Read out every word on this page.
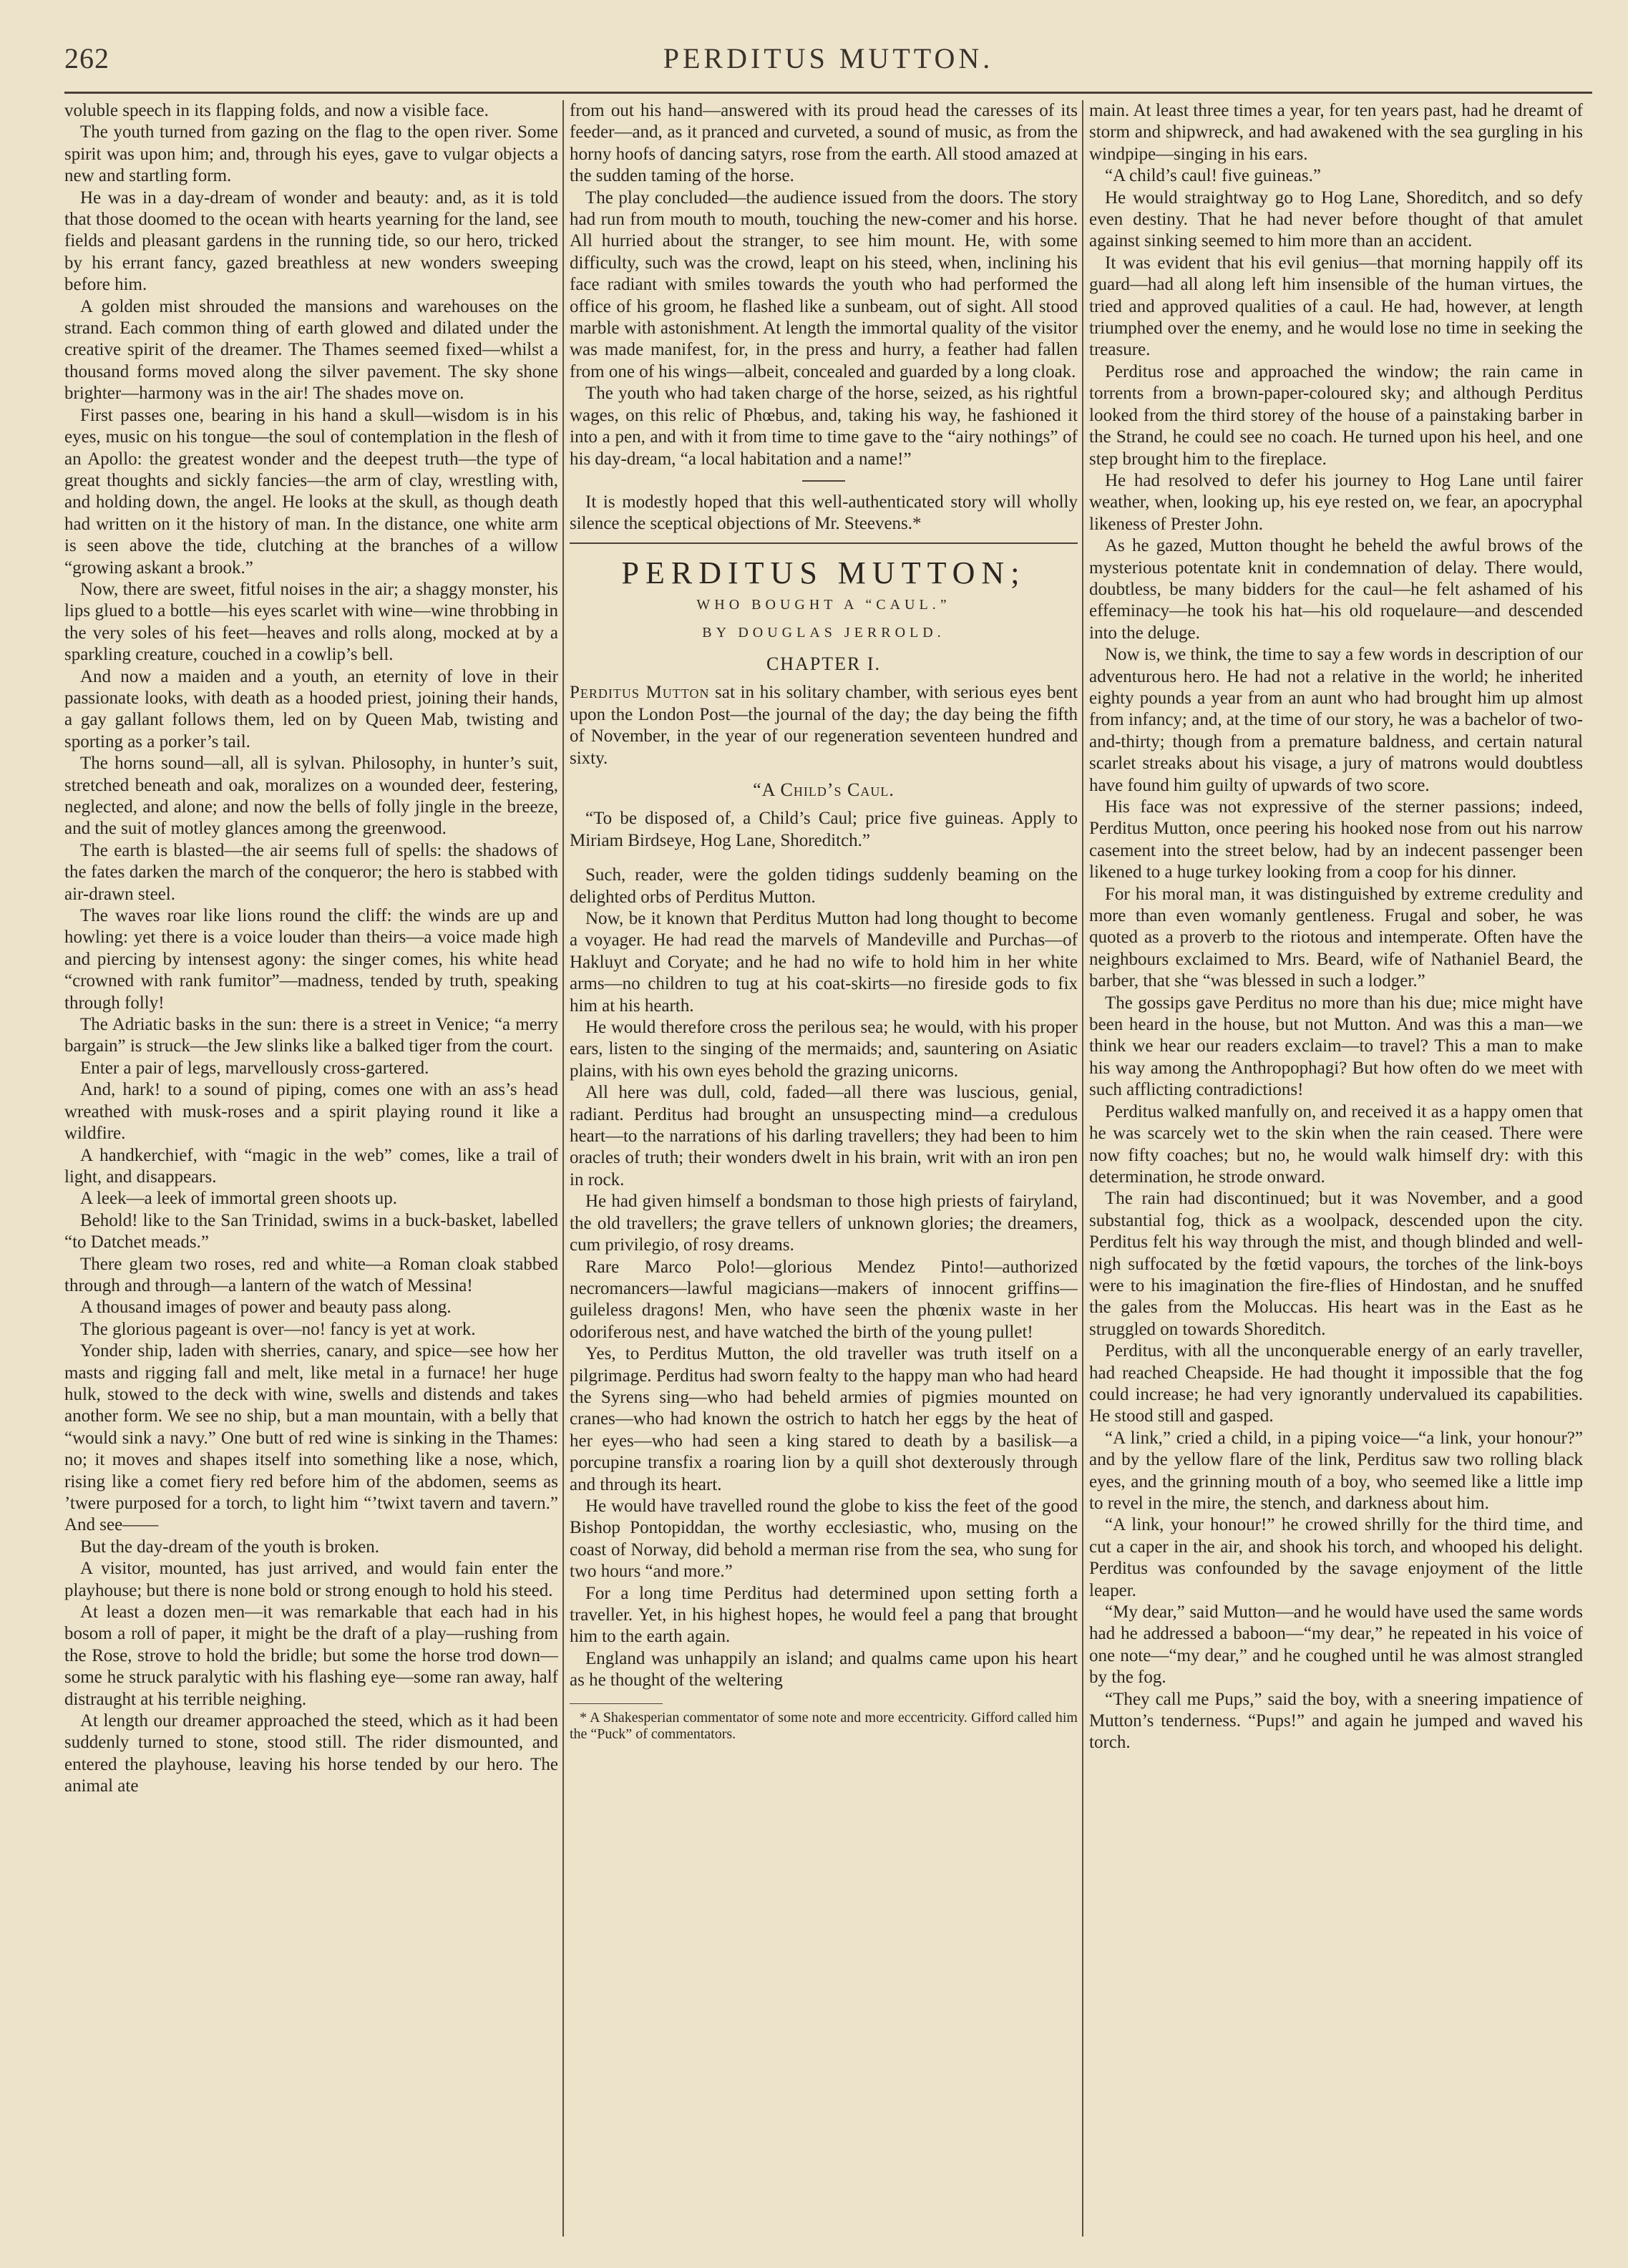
262	PERDITUS MUTTON.

voluble speech in its flapping folds, and now a visible face.

The youth turned from gazing on the flag to the open river. Some spirit was upon him; and, through his eyes, gave to vulgar objects a new and startling form.

He was in a day-dream of wonder and beauty: and, as it is told that those doomed to the ocean with hearts yearning for the land, see fields and pleasant gardens in the running tide, so our hero, tricked by his errant fancy, gazed breathless at new wonders sweeping before him.

A golden mist shrouded the mansions and warehouses on the strand. Each common thing of earth glowed and dilated under the creative spirit of the dreamer. The Thames seemed fixed—whilst a thousand forms moved along the silver pavement. The sky shone brighter—harmony was in the air! The shades move on.

First passes one, bearing in his hand a skull—wisdom is in his eyes, music on his tongue—the soul of contemplation in the flesh of an Apollo: the greatest wonder and the deepest truth—the type of great thoughts and sickly fancies—the arm of clay, wrestling with, and holding down, the angel. He looks at the skull, as though death had written on it the history of man. In the distance, one white arm is seen above the tide, clutching at the branches of a willow “growing askant a brook.”

Now, there are sweet, fitful noises in the air; a shaggy monster, his lips glued to a bottle—his eyes scarlet with wine—wine throbbing in the very soles of his feet—heaves and rolls along, mocked at by a sparkling creature, couched in a cowlip’s bell.

And now a maiden and a youth, an eternity of love in their passionate looks, with death as a hooded priest, joining their hands, a gay gallant follows them, led on by Queen Mab, twisting and sporting as a porker’s tail.

The horns sound—all, all is sylvan. Philosophy, in hunter’s suit, stretched beneath and oak, moralizes on a wounded deer, festering, neglected, and alone; and now the bells of folly jingle in the breeze, and the suit of motley glances among the greenwood.

The earth is blasted—the air seems full of spells: the shadows of the fates darken the march of the conqueror; the hero is stabbed with air-drawn steel.

The waves roar like lions round the cliff: the winds are up and howling: yet there is a voice louder than theirs—a voice made high and piercing by intensest agony: the singer comes, his white head “crowned with rank fumitor”—madness, tended by truth, speaking through folly!

The Adriatic basks in the sun: there is a street in Venice; “a merry bargain” is struck—the Jew slinks like a balked tiger from the court.

Enter a pair of legs, marvellously cross-gartered.

And, hark! to a sound of piping, comes one with an ass’s head wreathed with musk-roses and a spirit playing round it like a wildfire.

A handkerchief, with “magic in the web” comes, like a trail of light, and disappears.

A leek—a leek of immortal green shoots up.

Behold! like to the San Trinidad, swims in a buck-basket, labelled “to Datchet meads.”

There gleam two roses, red and white—a Roman cloak stabbed through and through—a lantern of the watch of Messina!

A thousand images of power and beauty pass along.

The glorious pageant is over—no! fancy is yet at work.

Yonder ship, laden with sherries, canary, and spice—see how her masts and rigging fall and melt, like metal in a furnace! her huge hulk, stowed to the deck with wine, swells and distends and takes another form. We see no ship, but a man mountain, with a belly that “would sink a navy.” One butt of red wine is sinking in the Thames: no; it moves and shapes itself into something like a nose, which, rising like a comet fiery red before him of the abdomen, seems as ’twere purposed for a torch, to light him “’twixt tavern and tavern.” And see——

But the day-dream of the youth is broken.

A visitor, mounted, has just arrived, and would fain enter the playhouse; but there is none bold or strong enough to hold his steed.

At least a dozen men—it was remarkable that each had in his bosom a roll of paper, it might be the draft of a play—rushing from the Rose, strove to hold the bridle; but some the horse trod down—some he struck paralytic with his flashing eye—some ran away, half distraught at his terrible neighing.

At length our dreamer approached the steed, which as it had been suddenly turned to stone, stood still. The rider dismounted, and entered the playhouse, leaving his horse tended by our hero. The animal ate

from out his hand—answered with its proud head the caresses of its feeder—and, as it pranced and curveted, a sound of music, as from the horny hoofs of dancing satyrs, rose from the earth. All stood amazed at the sudden taming of the horse.

The play concluded—the audience issued from the doors. The story had run from mouth to mouth, touching the new-comer and his horse. All hurried about the stranger, to see him mount. He, with some difficulty, such was the crowd, leapt on his steed, when, inclining his face radiant with smiles towards the youth who had performed the office of his groom, he flashed like a sunbeam, out of sight. All stood marble with astonishment. At length the immortal quality of the visitor was made manifest, for, in the press and hurry, a feather had fallen from one of his wings—albeit, concealed and guarded by a long cloak.

The youth who had taken charge of the horse, seized, as his rightful wages, on this relic of Phœbus, and, taking his way, he fashioned it into a pen, and with it from time to time gave to the “airy nothings” of his day-dream, “a local habitation and a name!”

It is modestly hoped that this well-authenticated story will wholly silence the sceptical objections of Mr. Steevens.*

PERDITUS MUTTON;
WHO BOUGHT A “CAUL.”
BY DOUGLAS JERROLD.
CHAPTER I.

Perditus Mutton sat in his solitary chamber, with serious eyes bent upon the London Post—the journal of the day; the day being the fifth of November, in the year of our regeneration seventeen hundred and sixty.

“A Child’s Caul.

“To be disposed of, a Child’s Caul; price five guineas. Apply to Miriam Birdseye, Hog Lane, Shoreditch.”

Such, reader, were the golden tidings suddenly beaming on the delighted orbs of Perditus Mutton.

Now, be it known that Perditus Mutton had long thought to become a voyager. He had read the marvels of Mandeville and Purchas—of Hakluyt and Coryate; and he had no wife to hold him in her white arms—no children to tug at his coat-skirts—no fireside gods to fix him at his hearth.

He would therefore cross the perilous sea; he would, with his proper ears, listen to the singing of the mermaids; and, sauntering on Asiatic plains, with his own eyes behold the grazing unicorns.

All here was dull, cold, faded—all there was luscious, genial, radiant. Perditus had brought an unsuspecting mind—a credulous heart—to the narrations of his darling travellers; they had been to him oracles of truth; their wonders dwelt in his brain, writ with an iron pen in rock.

He had given himself a bondsman to those high priests of fairyland, the old travellers; the grave tellers of unknown glories; the dreamers, cum privilegio, of rosy dreams.

Rare Marco Polo!—glorious Mendez Pinto!—authorized necromancers—lawful magicians—makers of innocent griffins—guileless dragons! Men, who have seen the phœnix waste in her odoriferous nest, and have watched the birth of the young pullet!

Yes, to Perditus Mutton, the old traveller was truth itself on a pilgrimage. Perditus had sworn fealty to the happy man who had heard the Syrens sing—who had beheld armies of pigmies mounted on cranes—who had known the ostrich to hatch her eggs by the heat of her eyes—who had seen a king stared to death by a basilisk—a porcupine transfix a roaring lion by a quill shot dexterously through and through its heart.

He would have travelled round the globe to kiss the feet of the good Bishop Pontopiddan, the worthy ecclesiastic, who, musing on the coast of Norway, did behold a merman rise from the sea, who sung for two hours “and more.”

For a long time Perditus had determined upon setting forth a traveller. Yet, in his highest hopes, he would feel a pang that brought him to the earth again.

England was unhappily an island; and qualms came upon his heart as he thought of the weltering

* A Shakesperian commentator of some note and more eccentricity. Gifford called him the “Puck” of commentators.

main. At least three times a year, for ten years past, had he dreamt of storm and shipwreck, and had awakened with the sea gurgling in his windpipe—singing in his ears.

“A child’s caul! five guineas.”

He would straightway go to Hog Lane, Shoreditch, and so defy even destiny. That he had never before thought of that amulet against sinking seemed to him more than an accident.

It was evident that his evil genius—that morning happily off its guard—had all along left him insensible of the human virtues, the tried and approved qualities of a caul. He had, however, at length triumphed over the enemy, and he would lose no time in seeking the treasure.

Perditus rose and approached the window; the rain came in torrents from a brown-paper-coloured sky; and although Perditus looked from the third storey of the house of a painstaking barber in the Strand, he could see no coach. He turned upon his heel, and one step brought him to the fireplace.

He had resolved to defer his journey to Hog Lane until fairer weather, when, looking up, his eye rested on, we fear, an apocryphal likeness of Prester John.

As he gazed, Mutton thought he beheld the awful brows of the mysterious potentate knit in condemnation of delay. There would, doubtless, be many bidders for the caul—he felt ashamed of his effeminacy—he took his hat—his old roquelaure—and descended into the deluge.

Now is, we think, the time to say a few words in description of our adventurous hero. He had not a relative in the world; he inherited eighty pounds a year from an aunt who had brought him up almost from infancy; and, at the time of our story, he was a bachelor of two-and-thirty; though from a premature baldness, and certain natural scarlet streaks about his visage, a jury of matrons would doubtless have found him guilty of upwards of two score.

His face was not expressive of the sterner passions; indeed, Perditus Mutton, once peering his hooked nose from out his narrow casement into the street below, had by an indecent passenger been likened to a huge turkey looking from a coop for his dinner.

For his moral man, it was distinguished by extreme credulity and more than even womanly gentleness. Frugal and sober, he was quoted as a proverb to the riotous and intemperate. Often have the neighbours exclaimed to Mrs. Beard, wife of Nathaniel Beard, the barber, that she “was blessed in such a lodger.”

The gossips gave Perditus no more than his due; mice might have been heard in the house, but not Mutton. And was this a man—we think we hear our readers exclaim—to travel? This a man to make his way among the Anthropophagi? But how often do we meet with such afflicting contradictions!

Perditus walked manfully on, and received it as a happy omen that he was scarcely wet to the skin when the rain ceased. There were now fifty coaches; but no, he would walk himself dry: with this determination, he strode onward.

The rain had discontinued; but it was November, and a good substantial fog, thick as a woolpack, descended upon the city. Perditus felt his way through the mist, and though blinded and well-nigh suffocated by the fœtid vapours, the torches of the link-boys were to his imagination the fire-flies of Hindostan, and he snuffed the gales from the Moluccas. His heart was in the East as he struggled on towards Shoreditch.

Perditus, with all the unconquerable energy of an early traveller, had reached Cheapside. He had thought it impossible that the fog could increase; he had very ignorantly undervalued its capabilities. He stood still and gasped.

“A link,” cried a child, in a piping voice—“a link, your honour?” and by the yellow flare of the link, Perditus saw two rolling black eyes, and the grinning mouth of a boy, who seemed like a little imp to revel in the mire, the stench, and darkness about him.

“A link, your honour!” he crowed shrilly for the third time, and cut a caper in the air, and shook his torch, and whooped his delight. Perditus was confounded by the savage enjoyment of the little leaper.

“My dear,” said Mutton—and he would have used the same words had he addressed a baboon—“my dear,” he repeated in his voice of one note—“my dear,” and he coughed until he was almost strangled by the fog.

“They call me Pups,” said the boy, with a sneering impatience of Mutton’s tenderness. “Pups!” and again he jumped and waved his torch.
